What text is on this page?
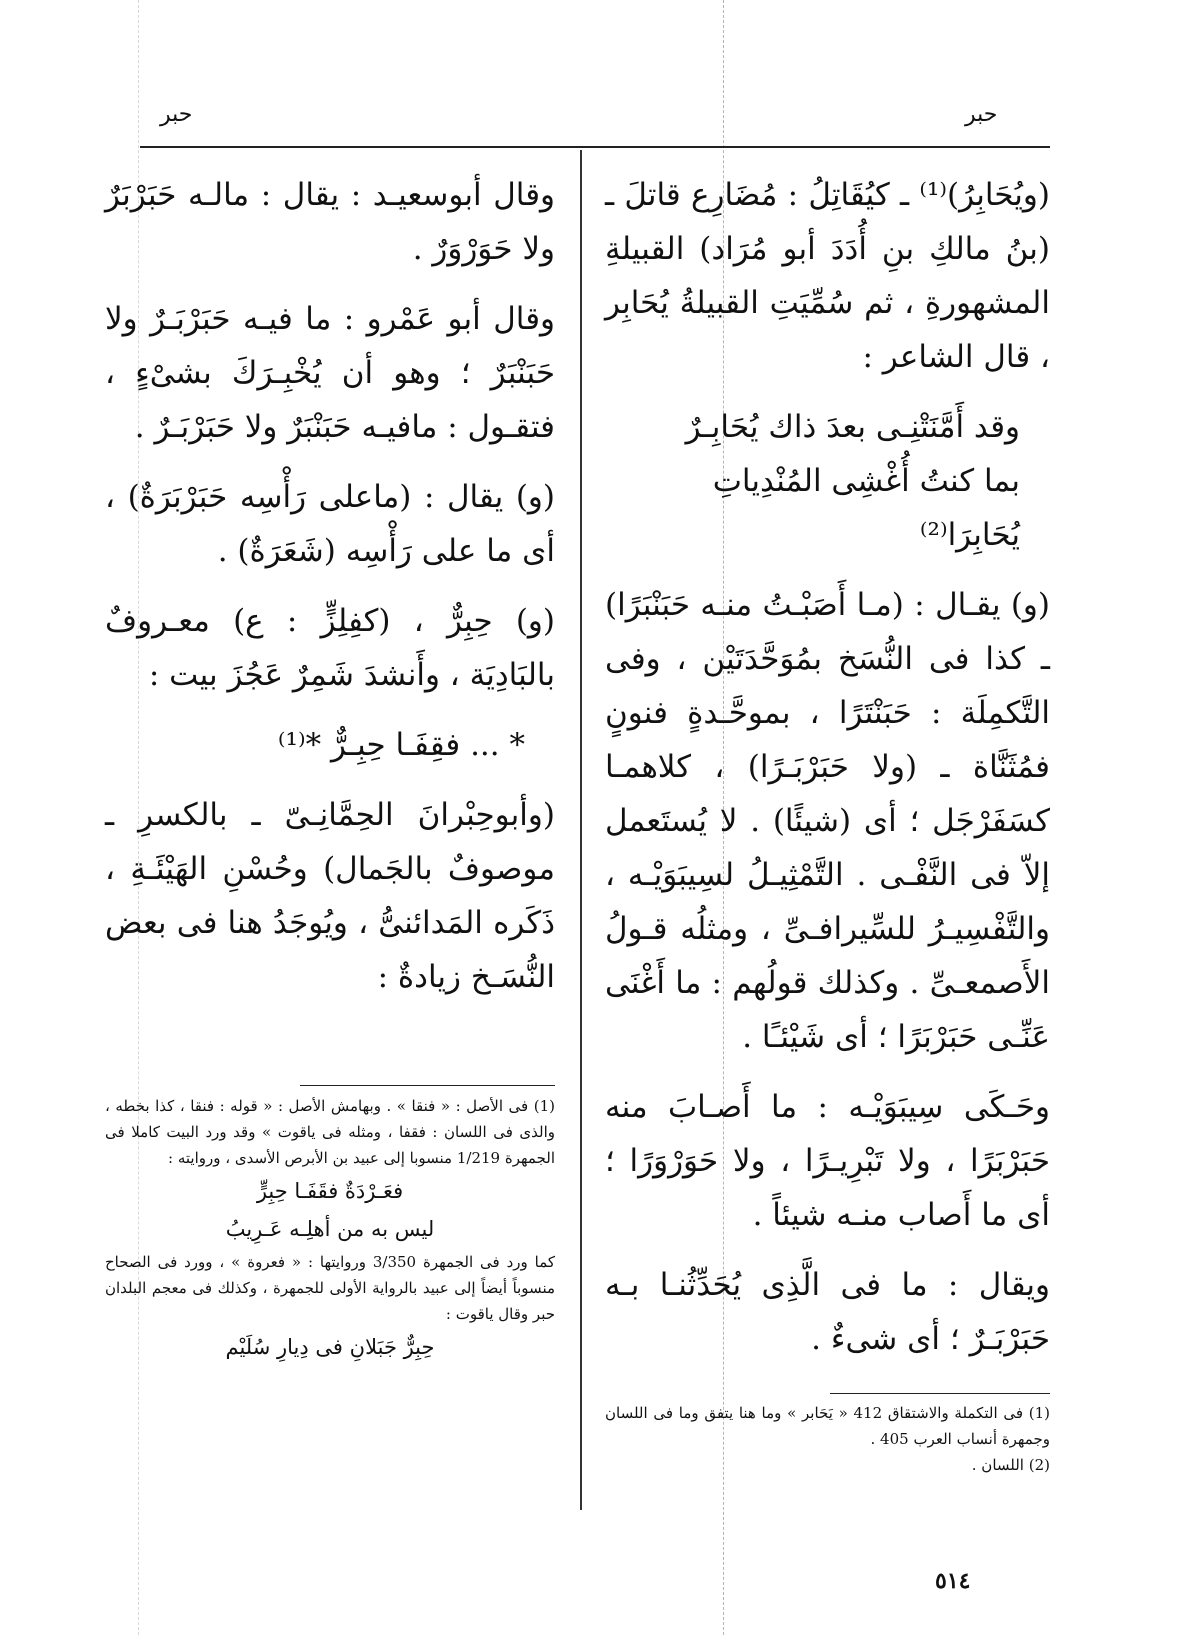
حبر	حبر

(ويُحَابِرُ)⁽¹⁾ ـ كيُقَاتِلُ : مُضَارِع قاتلَ ـ (بنُ مالكِ بنِ أُدَدَ أبو مُرَاد) القبيلةِ المشهورةِ ، ثم سُمِّيَتِ القبيلةُ يُحَابِر ، قال الشاعر :

وقد أَمَّنَتْنِـى بعدَ ذاك يُحَابِـرٌ

بما كنتُ أُغْشِى المُنْدِياتِ يُحَابِرَا⁽²⁾

(و) يقـال : (مـا أَصَبْـتُ منـه حَبَنْبَرًا) ـ كذا فى النُّسَخ بمُوَحَّدَتَيْن ، وفى التَّكمِلَة : حَبَنْتَرًا ، بموحَّـدةٍ فنونٍ فمُثَنَّاة ـ (ولا حَبَرْبَـرًا) ، كلاهمـا كسَفَرْجَل ؛ أى (شيئًا) . لا يُستَعمل إلاّ فى النَّفْـى . التَّمْثِيـلُ لسِيبَوَيْـه ، والتَّفْسِيـرُ للسِّيرافـىِّ ، ومثلُه قـولُ الأَصمعـىِّ . وكذلك قولُهم : ما أَغْنَى عَنِّـى حَبَرْبَرًا ؛ أى شَيْئـًا .

وحَـكَى سِيبَوَيْـه : ما أَصـابَ منه حَبَرْبَرًا ، ولا تَبْرِيـرًا ، ولا حَوَرْوَرًا ؛ أى ما أَصاب منـه شيئاً .

ويقال : ما فى الَّذِى يُحَدِّثُنـا بـه حَبَرْبَـرٌ ؛ أى شىءٌ .

وقال أبوسعيـد : يقال : مالـه حَبَرْبَرٌ ولا حَوَرْوَرٌ .

وقال أبو عَمْرو : ما فيـه حَبَرْبَـرٌ ولا حَبَنْبَرٌ ؛ وهو أن يُخْبِـرَكَ بشىْءٍ ، فتقـول : مافيـه حَبَنْبَرٌ ولا حَبَرْبَـرٌ .

(و) يقال : (ماعلى رَأْسِه حَبَرْبَرَةٌ) ، أى ما على رَأْسِه (شَعَرَةٌ) .

(و) حِبِرٌّ ، (كفِلِزٍّ : ع) معـروفٌ بالبَادِيَة ، وأَنشدَ شَمِرٌ عَجُزَ بيت :

* ... فقِفَـا حِبِـرٌّ *⁽¹⁾

(وأبوحِبْرانَ الحِمَّانِـىّ ـ بالكسرِ ـ موصوفٌ بالجَمال) وحُسْنِ الهَيْئَـةِ ، ذَكَره المَدائنىُّ ، ويُوجَدُ هنا فى بعض النُّسَـخ زيادةٌ :

(1) فى الأصل : « فنقا » . وبهامش الأصل : « قوله : فنقا ، كذا بخطه ، والذى فى اللسان : فقفا ، ومثله فى ياقوت » وقد ورد البيت كاملا فى الجمهرة 1/219 منسوبا إلى عبيد بن الأبرص الأسدى ، وروايته :

فعَـرْدَةٌ فقَفَـا حِبِرٍّ

ليس به من أهلِـه عَـرِيبُ

كما ورد فى الجمهرة 3/350 وروايتها : « فعروة » ، وورد فى الصحاح منسوباً أيضاً إلى عبيد بالرواية الأولى للجمهرة ، وكذلك فى معجم البلدان حبر وقال ياقوت :

حِبِرٌّ جَبَلانِ فى دِيارِ سُلَيْم

(1) فى التكملة والاشتقاق 412 « يَحَابر » وما هنا يتفق وما فى اللسان وجمهرة أنساب العرب 405 .

(2) اللسان .

٥١٤
